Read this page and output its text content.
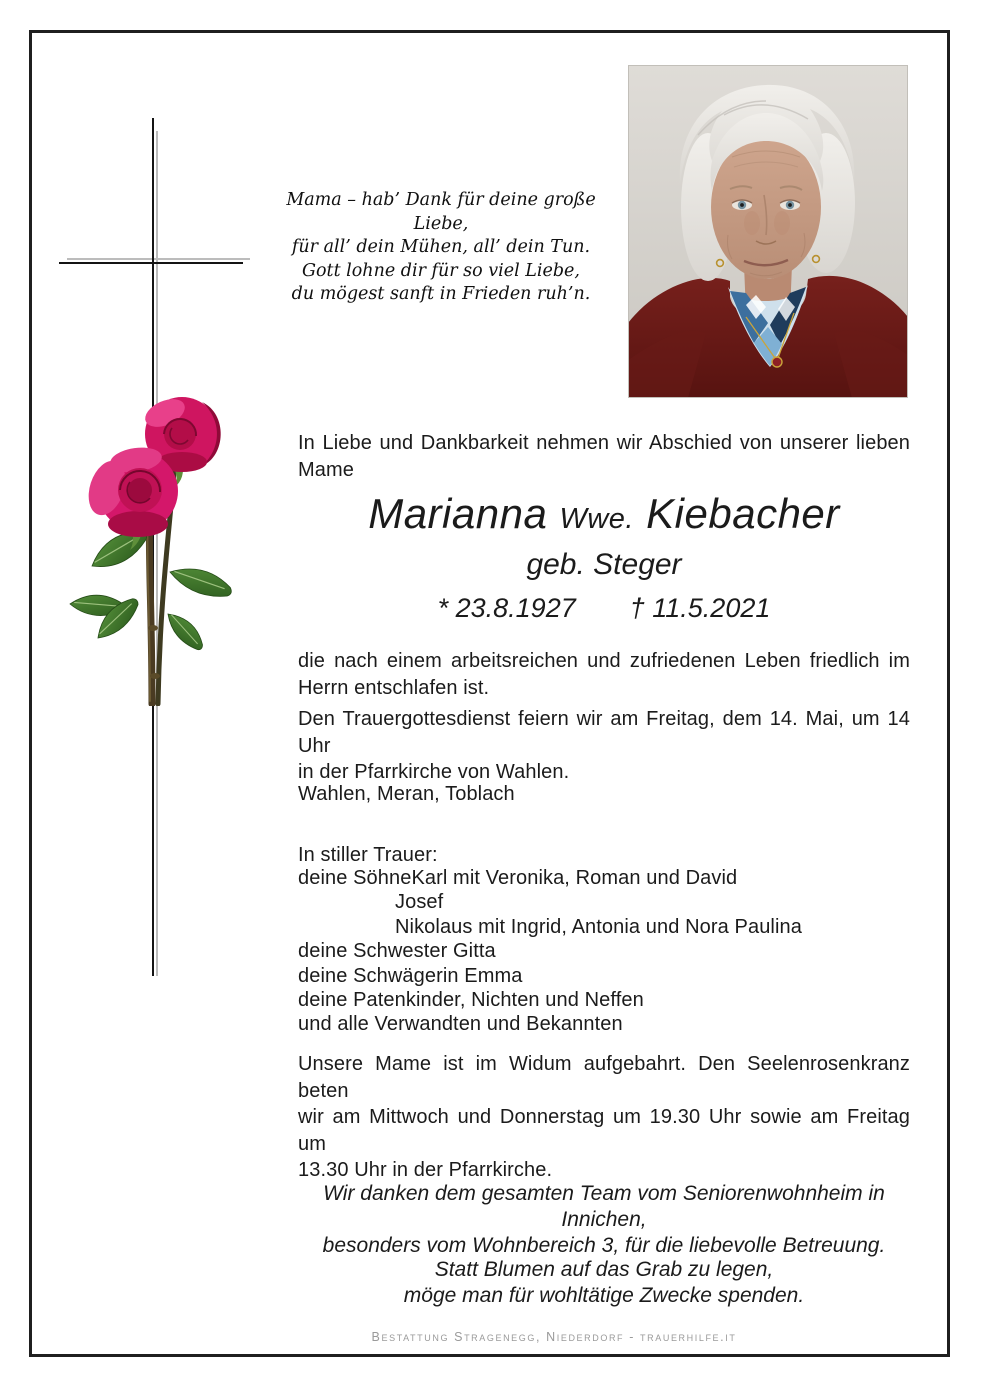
Mama – hab’ Dank für deine große Liebe,
für all’ dein Mühen, all’ dein Tun.
Gott lohne dir für so viel Liebe,
du mögest sanft in Frieden ruh’n.
In Liebe und Dankbarkeit nehmen wir Abschied von unserer lieben
Mame
Marianna Wwe. Kiebacher
geb. Steger
* 23.8.1927 † 11.5.2021
die nach einem arbeitsreichen und zufriedenen Leben friedlich im
Herrn entschlafen ist.
Den Trauergottesdienst feiern wir am Freitag, dem 14. Mai, um 14 Uhr
in der Pfarrkirche von Wahlen.
Wahlen, Meran, Toblach
In stiller Trauer:
deine Söhne Karl mit Veronika, Roman und David
Josef
Nikolaus mit Ingrid, Antonia und Nora Paulina
deine Schwester Gitta
deine Schwägerin Emma
deine Patenkinder, Nichten und Neffen
und alle Verwandten und Bekannten
Unsere Mame ist im Widum aufgebahrt. Den Seelenrosenkranz beten
wir am Mittwoch und Donnerstag um 19.30 Uhr sowie am Freitag um
13.30 Uhr in der Pfarrkirche.
Wir danken dem gesamten Team vom Seniorenwohnheim in Innichen,
besonders vom Wohnbereich 3, für die liebevolle Betreuung.
Statt Blumen auf das Grab zu legen,
möge man für wohltätige Zwecke spenden.
Bestattung Stragenegg, Niederdorf - trauerhilfe.it
